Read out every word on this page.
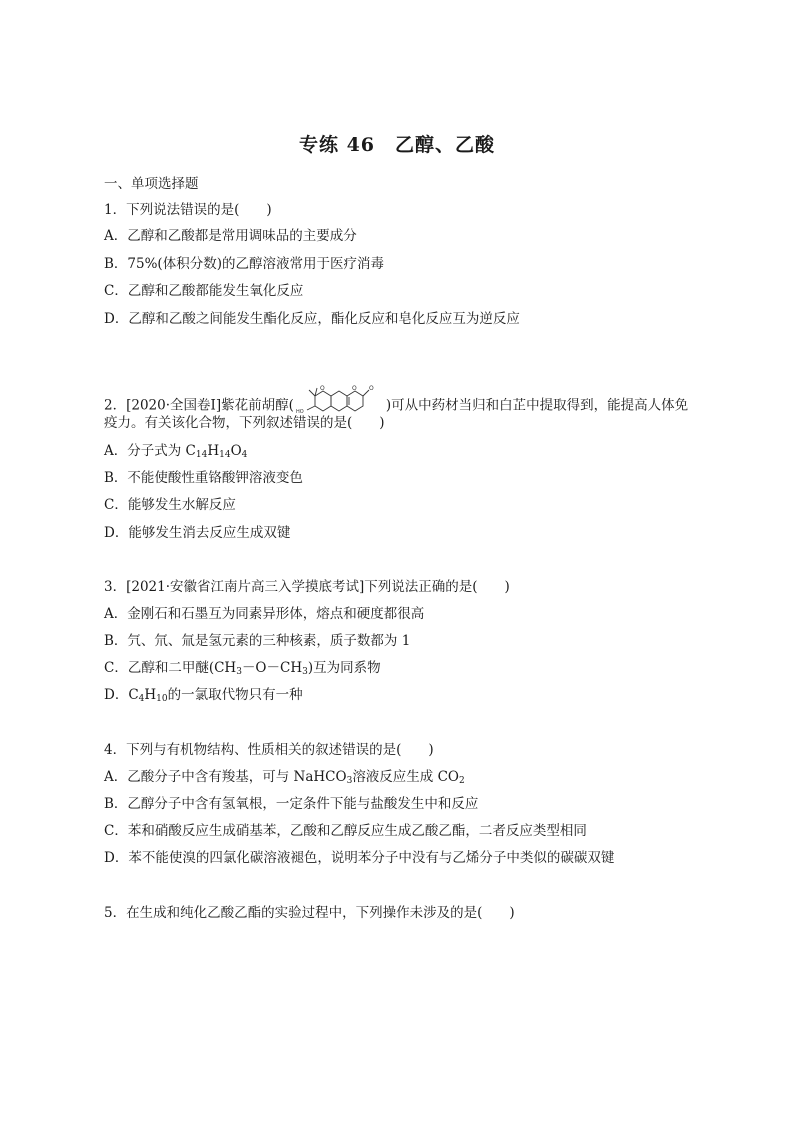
专练 46　乙醇、乙酸
一、单项选择题
1．下列说法错误的是(　　)
A．乙醇和乙酸都是常用调味品的主要成分
B．75%(体积分数)的乙醇溶液常用于医疗消毒
C．乙醇和乙酸都能发生氧化反应
D．乙醇和乙酸之间能发生酯化反应，酯化反应和皂化反应互为逆反应
2．[2020·全国卷Ⅰ]紫花前胡醇(
O	O O
HO	)可从中药材当归和白芷中提取得到，能提高人体免
疫力。有关该化合物，下列叙述错误的是(　　)
A．分子式为 $C_{14}H_{14}O_4$
B．不能使酸性重铬酸钾溶液变色
C．能够发生水解反应
D．能够发生消去反应生成双键
3．[2021·安徽省江南片高三入学摸底考试]下列说法正确的是(　　)
A．金刚石和石墨互为同素异形体，熔点和硬度都很高
B．氕、氘、氚是氢元素的三种核素，质子数都为 1
C．乙醇和二甲醚$(CH_3-O-CH_3)$互为同系物
D．$C_4H_{10}$的一氯取代物只有一种
4．下列与有机物结构、性质相关的叙述错误的是(　　)
A．乙酸分子中含有羧基，可与 NaHCO$_3$溶液反应生成 $CO_2$
B．乙醇分子中含有氢氧根，一定条件下能与盐酸发生中和反应
C．苯和硝酸反应生成硝基苯，乙酸和乙醇反应生成乙酸乙酯，二者反应类型相同
D．苯不能使溴的四氯化碳溶液褪色，说明苯分子中没有与乙烯分子中类似的碳碳双键
5．在生成和纯化乙酸乙酯的实验过程中，下列操作未涉及的是(　　)
